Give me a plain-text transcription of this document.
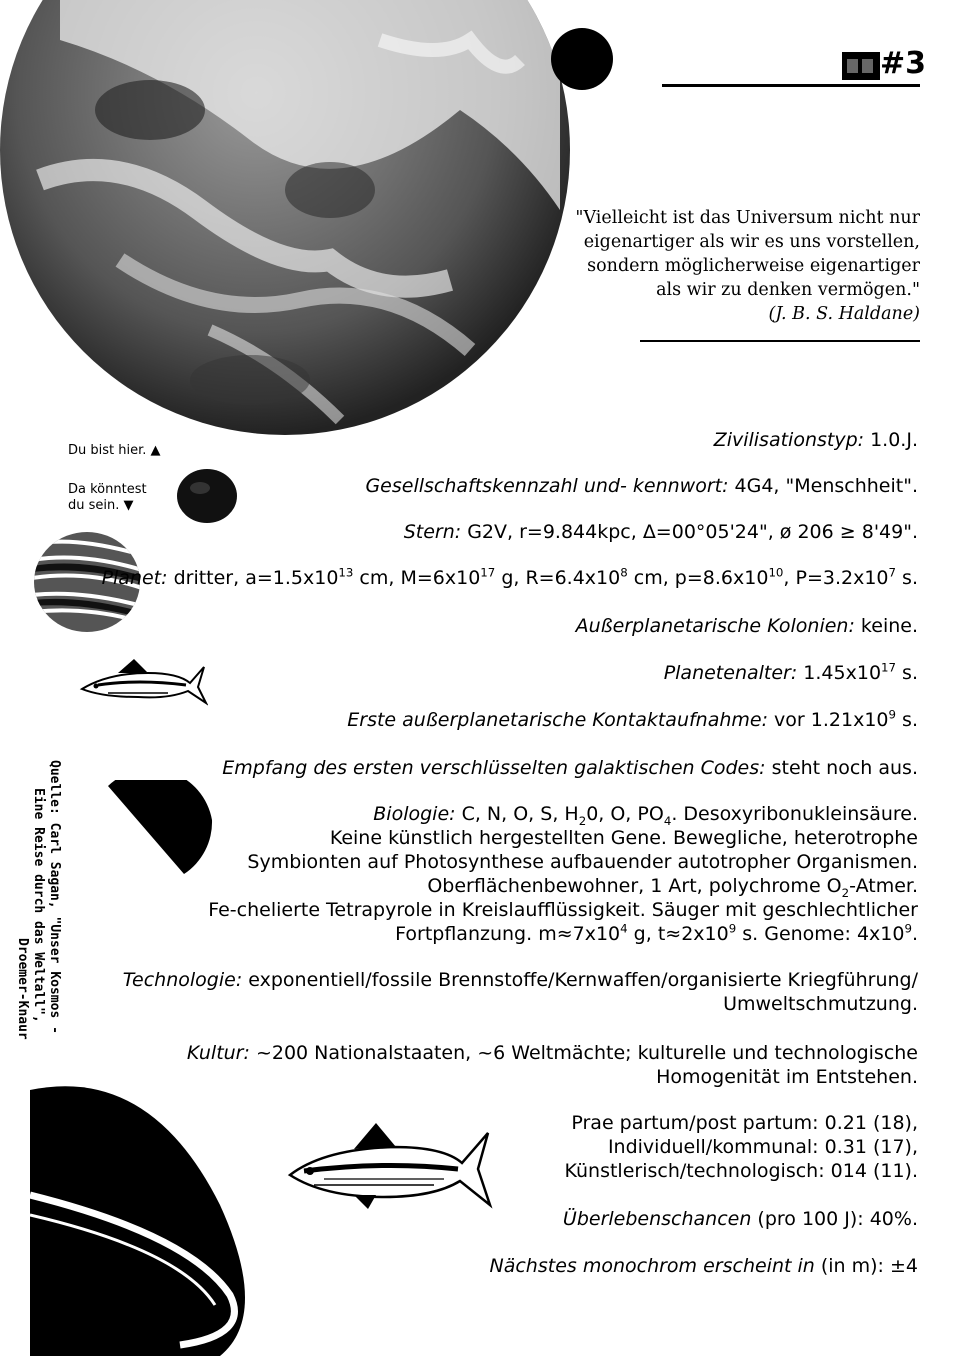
#3
"Vielleicht ist das Universum nicht nur
eigenartiger als wir es uns vorstellen,
sondern möglicherweise eigenartiger
als wir zu denken vermögen."
(J. B. S. Haldane)
Du bist hier. ▲
Da könntest
du sein. ▼
Quelle: Carl Sagan, "Unser Kosmos -
Eine Reise durch das Weltall",
Droemer-Knaur
Zivilisationstyp: 1.0.J.
Gesellschaftskennzahl und- kennwort: 4G4, "Menschheit".
Stern: G2V, r=9.844kpc, Δ=00°05'24", ø 206 ≥ 8'49".
Planet: dritter, $a=1.5x10^{13}$ cm, $M=6x10^{17}$ g, $R=6.4x10^8$ cm, $p=8.6x10^{10}$, $P=3.2x10^7$ s.
Außerplanetarische Kolonien: keine.
Planetenalter: $1.45x10^{17}$ s.
Erste außerplanetarische Kontaktaufnahme: vor $1.21x10^9$ s.
Empfang des ersten verschlüsselten galaktischen Codes: steht noch aus.
Biologie: C, N, O, S, $H_20$, O, $PO_4$. Desoxyribonukleinsäure.
Keine künstlich hergestellten Gene. Bewegliche, heterotrophe
Symbionten auf Photosynthese aufbauender autotropher Organismen.
Oberflächenbewohner, 1 Art, polychrome $O_2$-Atmer.
Fe-chelierte Tetrapyrole in Kreislaufflüssigkeit. Säuger mit geschlechtlicher
Fortpflanzung. $m\approx 7x10^4$ g, $t\approx 2x10^9$ s. Genome: $4x10^9$.
Technologie: exponentiell/fossile Brennstoffe/Kernwaffen/organisierte Kriegführung/
Umweltschmutzung.
Kultur: ~200 Nationalstaaten, ~6 Weltmächte; kulturelle und technologische
Homogenität im Entstehen.
Prae partum/post partum: 0.21 (18),
Individuell/kommunal: 0.31 (17),
Künstlerisch/technologisch: 014 (11).
Überlebenschancen (pro 100 J): 40%.
Nächstes monochrom erscheint in (in m): ±4
